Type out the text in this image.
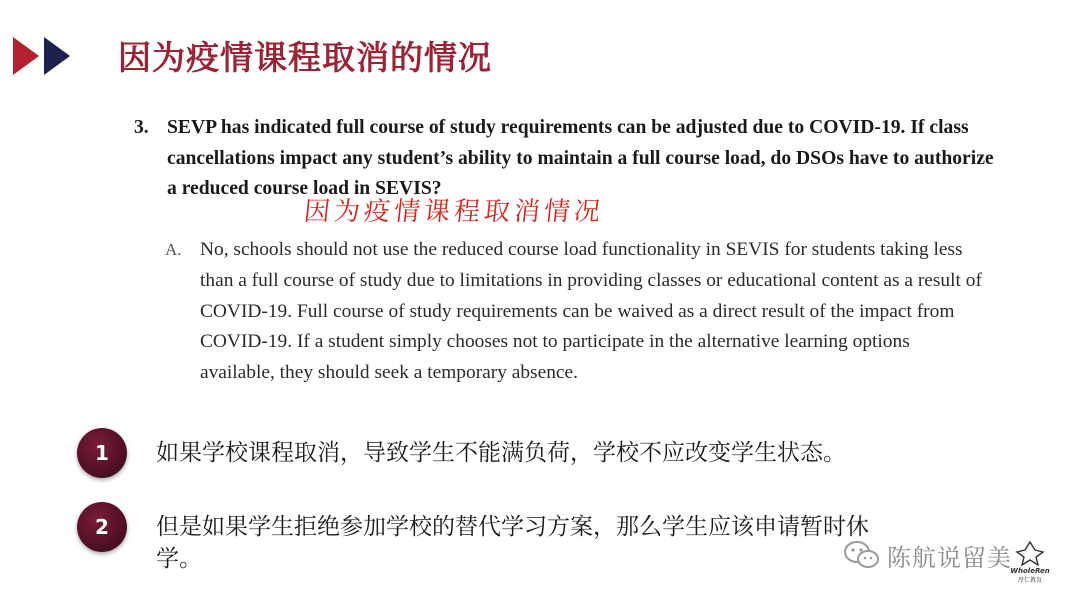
因为疫情课程取消的情况
3. SEVP has indicated full course of study requirements can be adjusted due to COVID-19. If class cancellations impact any student’s ability to maintain a full course load, do DSOs have to authorize a reduced course load in SEVIS?
因为疫情课程取消情况
A. No, schools should not use the reduced course load functionality in SEVIS for students taking less than a full course of study due to limitations in providing classes or educational content as a result of COVID-19. Full course of study requirements can be waived as a direct result of the impact from COVID-19. If a student simply chooses not to participate in the alternative learning options available, they should seek a temporary absence.
1	如果学校课程取消，导致学生不能满负荷，学校不应改变学生状态。
2	但是如果学生拒绝参加学校的替代学习方案，那么学生应该申请暂时休学。	陈航说留美
WholeRen
厚仁教育
